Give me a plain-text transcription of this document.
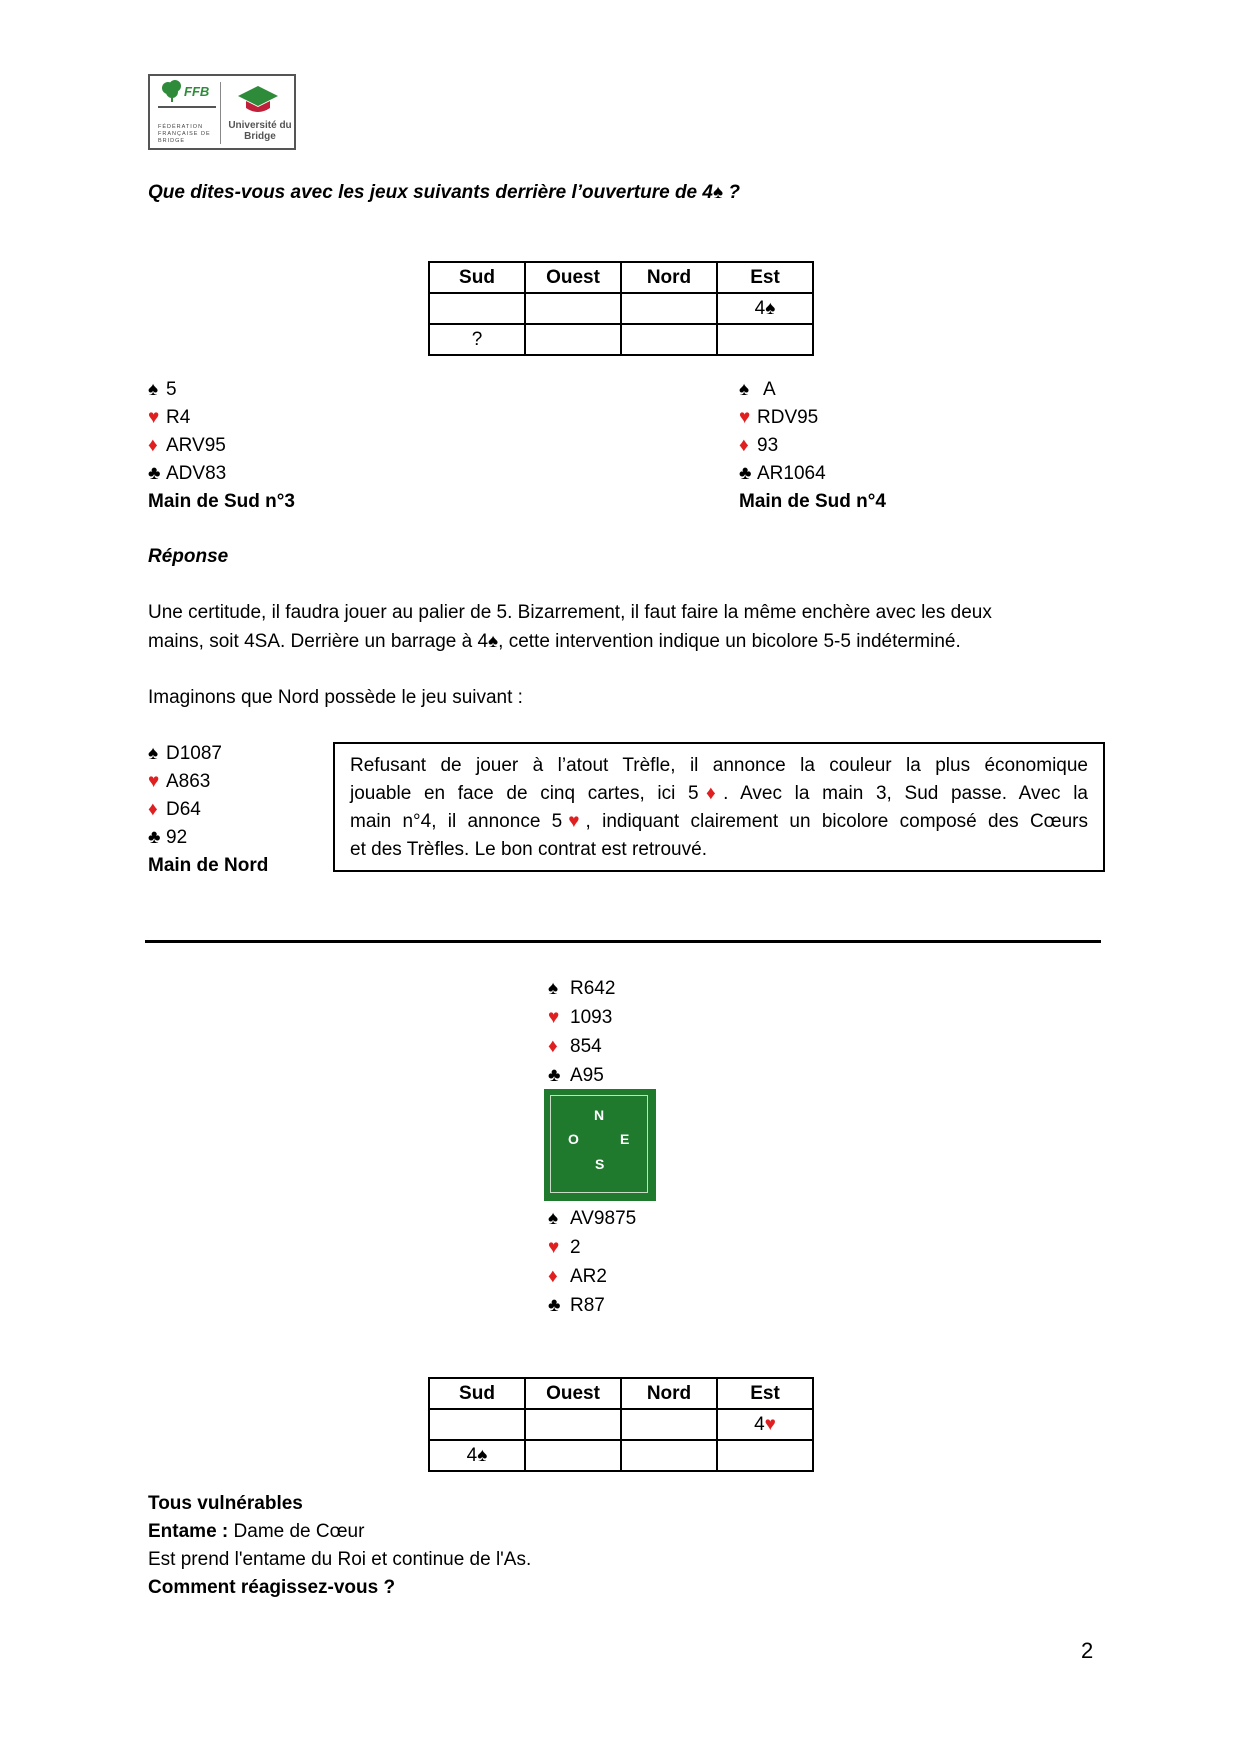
FFB
FÉDÉRATION FRANÇAISE DE BRIDGE
Université du Bridge
Que dites-vous avec les jeux suivants derrière l’ouverture de 4♠ ?
Sud	Ouest	Nord	Est
			4♠
?			
♠ 5
♥ R4
♦ ARV95
♣ ADV83
Main de Sud n°3
♠ A
♥ RDV95
♦ 93
♣ AR1064
Main de Sud n°4
Réponse
Une certitude, il faudra jouer au palier de 5. Bizarrement, il faut faire la même enchère avec les deux
mains, soit 4SA. Derrière un barrage à 4♠, cette intervention indique un bicolore 5-5 indéterminé.
Imaginons que Nord possède le jeu suivant :
♠ D1087
♥ A863
♦ D64
♣ 92
Main de Nord
Refusant de jouer à l’atout Trèfle, il annonce la couleur la plus économique
jouable en face de cinq cartes, ici 5♦. Avec la main 3, Sud passe. Avec la
main n°4, il annonce 5♥, indiquant clairement un bicolore composé des Cœurs
et des Trèfles. Le bon contrat est retrouvé.
♠ R642
♥ 1093
♦ 854
♣ A95
N
O	E
S
♠ AV9875
♥ 2
♦ AR2
♣ R87
Sud	Ouest	Nord	Est
			4♥
4♠			
Tous vulnérables
Entame : Dame de Cœur
Est prend l'entame du Roi et continue de l'As.
Comment réagissez-vous ?
2
